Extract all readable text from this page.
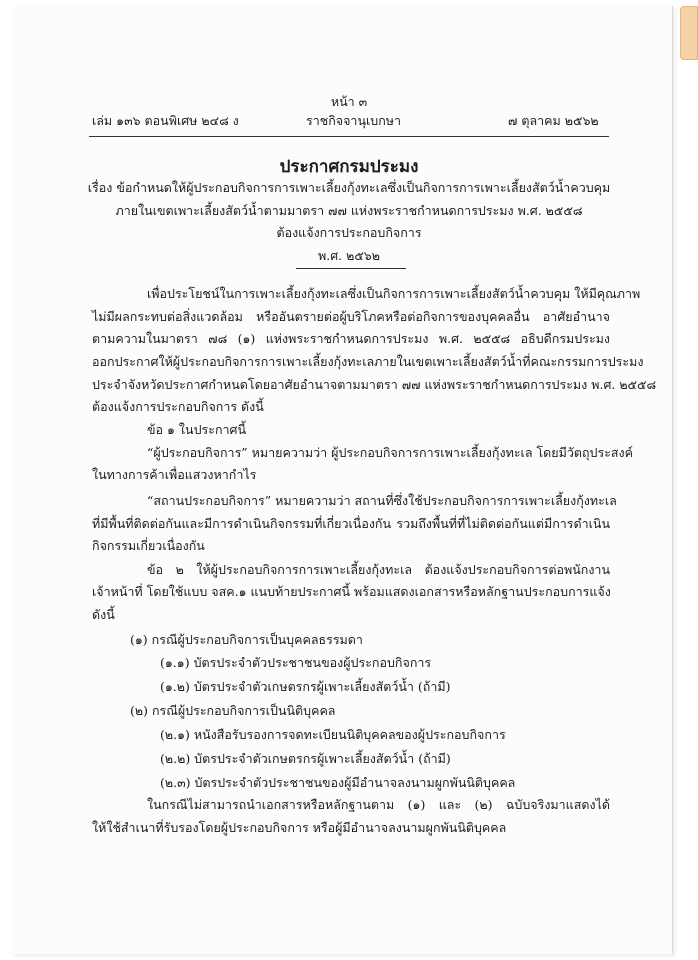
หน้า ๓
เล่ม ๑๓๖ ตอนพิเศษ ๒๔๘ ง	ราชกิจจานุเบกษา	๗ ตุลาคม ๒๕๖๒
ประกาศกรมประมง
เรื่อง ข้อกำหนดให้ผู้ประกอบกิจการการเพาะเลี้ยงกุ้งทะเลซึ่งเป็นกิจการการเพาะเลี้ยงสัตว์น้ำควบคุม
ภายในเขตเพาะเลี้ยงสัตว์น้ำตามมาตรา ๗๗ แห่งพระราชกำหนดการประมง พ.ศ. ๒๕๕๘
ต้องแจ้งการประกอบกิจการ
พ.ศ. ๒๕๖๒
เพื่อประโยชน์ในการเพาะเลี้ยงกุ้งทะเลซึ่งเป็นกิจการการเพาะเลี้ยงสัตว์น้ำควบคุม ให้มีคุณภาพ
ไม่มีผลกระทบต่อสิ่งแวดล้อม หรืออันตรายต่อผู้บริโภคหรือต่อกิจการของบุคคลอื่น อาศัยอำนาจ
ตามความในมาตรา ๗๘ (๑) แห่งพระราชกำหนดการประมง พ.ศ. ๒๕๕๘ อธิบดีกรมประมง
ออกประกาศให้ผู้ประกอบกิจการการเพาะเลี้ยงกุ้งทะเลภายในเขตเพาะเลี้ยงสัตว์น้ำที่คณะกรรมการประมง
ประจำจังหวัดประกาศกำหนดโดยอาศัยอำนาจตามมาตรา ๗๗ แห่งพระราชกำหนดการประมง พ.ศ. ๒๕๕๘
ต้องแจ้งการประกอบกิจการ ดังนี้
ข้อ ๑ ในประกาศนี้
“ผู้ประกอบกิจการ” หมายความว่า ผู้ประกอบกิจการการเพาะเลี้ยงกุ้งทะเล โดยมีวัตถุประสงค์
ในทางการค้าเพื่อแสวงหากำไร
“สถานประกอบกิจการ” หมายความว่า สถานที่ซึ่งใช้ประกอบกิจการการเพาะเลี้ยงกุ้งทะเล
ที่มีพื้นที่ติดต่อกันและมีการดำเนินกิจกรรมที่เกี่ยวเนื่องกัน รวมถึงพื้นที่ที่ไม่ติดต่อกันแต่มีการดำเนิน
กิจกรรมเกี่ยวเนื่องกัน
ข้อ ๒ ให้ผู้ประกอบกิจการการเพาะเลี้ยงกุ้งทะเล ต้องแจ้งประกอบกิจการต่อพนักงาน
เจ้าหน้าที่ โดยใช้แบบ จสค.๑ แนบท้ายประกาศนี้ พร้อมแสดงเอกสารหรือหลักฐานประกอบการแจ้ง
ดังนี้
(๑) กรณีผู้ประกอบกิจการเป็นบุคคลธรรมดา
(๑.๑) บัตรประจำตัวประชาชนของผู้ประกอบกิจการ
(๑.๒) บัตรประจำตัวเกษตรกรผู้เพาะเลี้ยงสัตว์น้ำ (ถ้ามี)
(๒) กรณีผู้ประกอบกิจการเป็นนิติบุคคล
(๒.๑) หนังสือรับรองการจดทะเบียนนิติบุคคลของผู้ประกอบกิจการ
(๒.๒) บัตรประจำตัวเกษตรกรผู้เพาะเลี้ยงสัตว์น้ำ (ถ้ามี)
(๒.๓) บัตรประจำตัวประชาชนของผู้มีอำนาจลงนามผูกพันนิติบุคคล
ในกรณีไม่สามารถนำเอกสารหรือหลักฐานตาม (๑) และ (๒) ฉบับจริงมาแสดงได้
ให้ใช้สำเนาที่รับรองโดยผู้ประกอบกิจการ หรือผู้มีอำนาจลงนามผูกพันนิติบุคคล
